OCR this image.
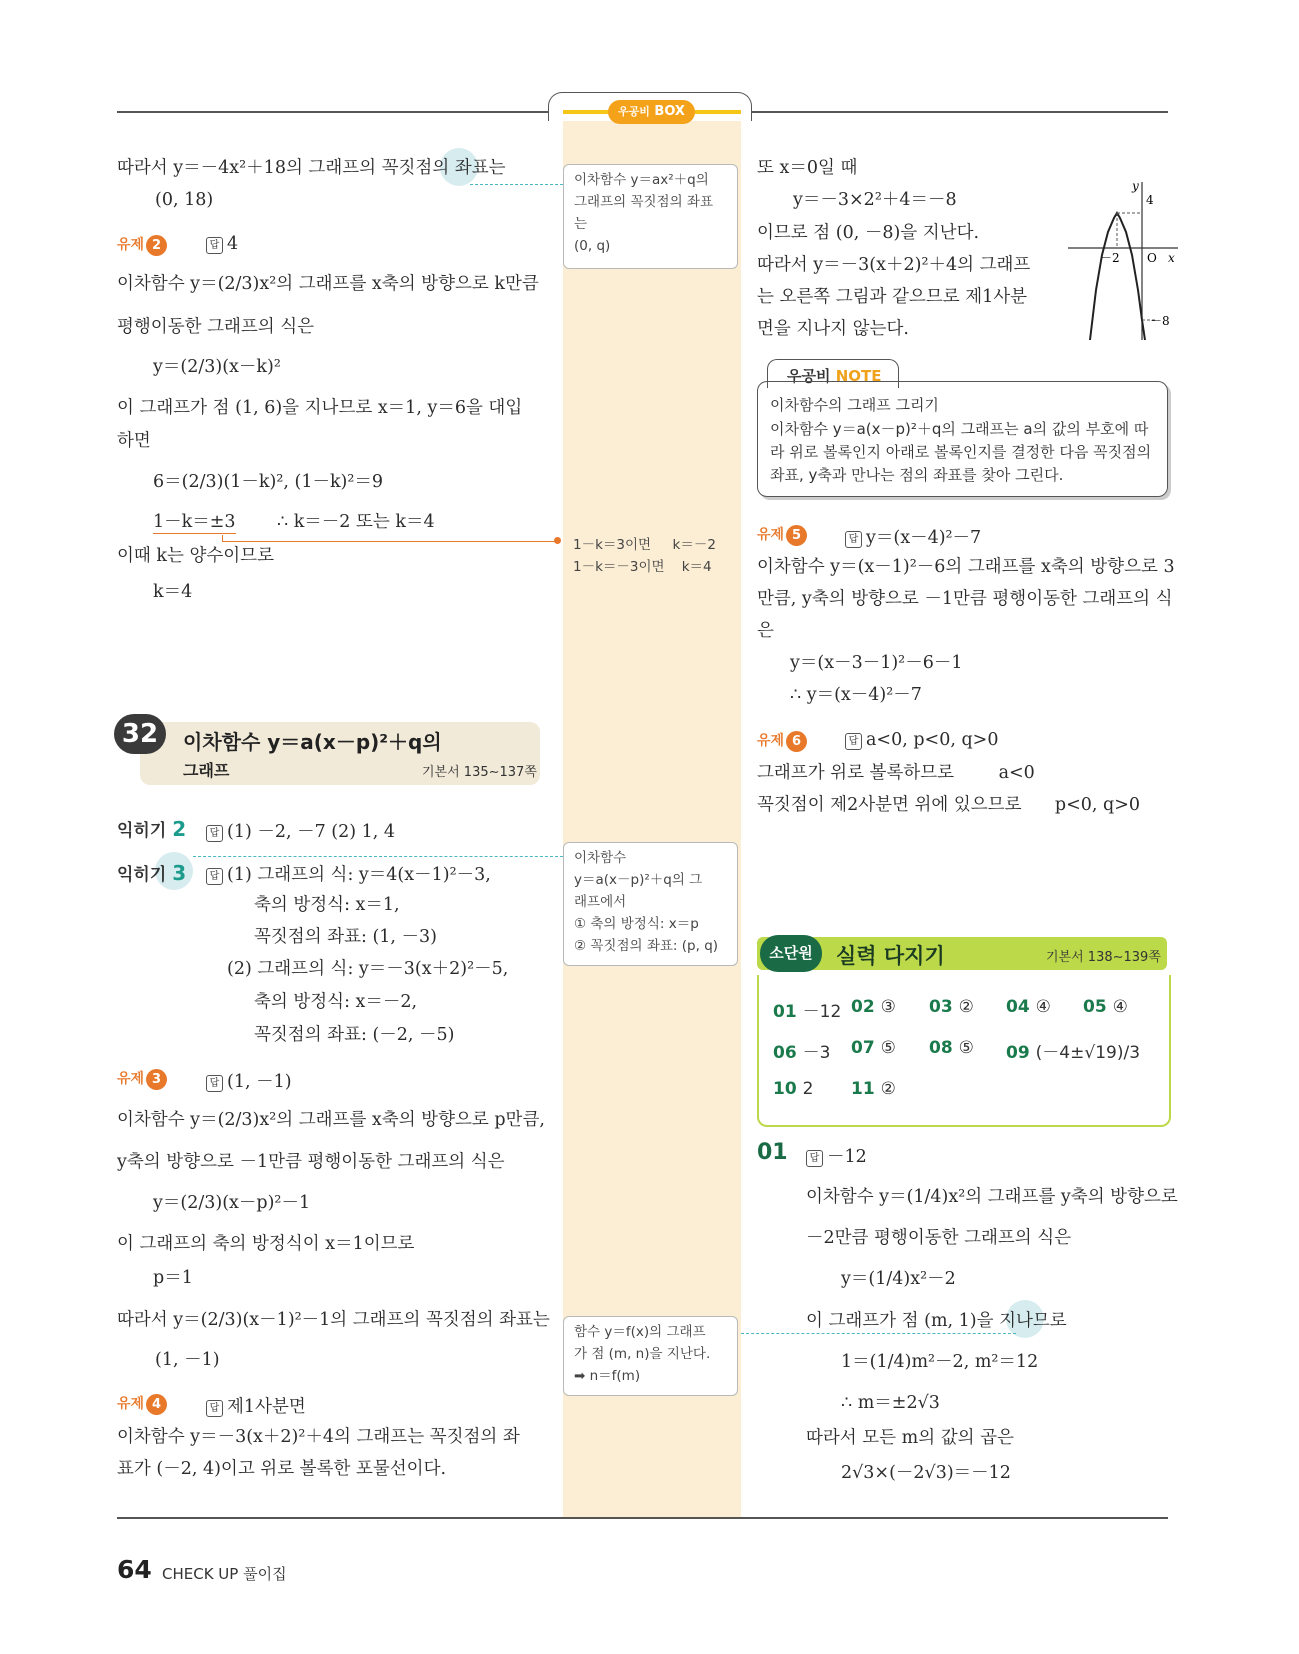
우공비 BOX
따라서 y＝－4x²＋18의 그래프의 꼭짓점의 좌표는
(0, 18)
유제 2	답 4
이차함수 y＝(2/3)x²의 그래프를 x축의 방향으로 k만큼
평행이동한 그래프의 식은
y＝(2/3)(x－k)²
이 그래프가 점 (1, 6)을 지나므로 x＝1, y＝6을 대입
하면
6＝(2/3)(1－k)², (1－k)²＝9
1－k＝±3 ∴ k＝－2 또는 k＝4
이때 k는 양수이므로
k＝4
32	이차함수 y＝a(x－p)²＋q의
그래프	기본서 135∼137쪽
익히기 2	답 (1) －2, －7 (2) 1, 4
익히기 3	답 (1) 그래프의 식: y＝4(x－1)²－3,
축의 방정식: x＝1,
꼭짓점의 좌표: (1, －3)
(2) 그래프의 식: y＝－3(x＋2)²－5,
축의 방정식: x＝－2,
꼭짓점의 좌표: (－2, －5)
유제 3	답 (1, －1)
이차함수 y＝(2/3)x²의 그래프를 x축의 방향으로 p만큼,
y축의 방향으로 －1만큼 평행이동한 그래프의 식은
y＝(2/3)(x－p)²－1
이 그래프의 축의 방정식이 x＝1이므로
p＝1
따라서 y＝(2/3)(x－1)²－1의 그래프의 꼭짓점의 좌표는
(1, －1)
유제 4	답 제1사분면
이차함수 y＝－3(x＋2)²＋4의 그래프는 꼭짓점의 좌
표가 (－2, 4)이고 위로 볼록한 포물선이다.
이차함수 y＝ax²＋q의
그래프의 꼭짓점의 좌표
는
(0, q)
1－k＝3이면     k＝－2
1－k＝－3이면    k＝4
이차함수
y＝a(x－p)²＋q의 그
래프에서
① 축의 방정식: x＝p
② 꼭짓점의 좌표: (p, q)
함수 y＝f(x)의 그래프
가 점 (m, n)을 지난다.
➡ n＝f(m)
또 x＝0일 때
y＝－3×2²＋4＝－8
이므로 점 (0, －8)을 지난다.
따라서 y＝－3(x＋2)²＋4의 그래프
는 오른쪽 그림과 같으므로 제1사분
면을 지나지 않는다.
y
4
－2 O x
－8
우공비 NOTE
이차함수의 그래프 그리기
이차함수 y＝a(x－p)²＋q의 그래프는 a의 값의 부호에 따
라 위로 볼록인지 아래로 볼록인지를 결정한 다음 꼭짓점의
좌표, y축과 만나는 점의 좌표를 찾아 그린다.
유제 5	답 y＝(x－4)²－7
이차함수 y＝(x－1)²－6의 그래프를 x축의 방향으로 3
만큼, y축의 방향으로 －1만큼 평행이동한 그래프의 식
은
y＝(x－3－1)²－6－1
∴ y＝(x－4)²－7
유제 6	답 a<0, p<0, q>0
그래프가 위로 볼록하므로        a<0
꼭짓점이 제2사분면 위에 있으므로      p<0, q>0
소단원	실력 다지기	기본서 138∼139쪽
01 －12 02 ③ 03 ② 04 ④ 05 ④
06 －3 07 ⑤ 08 ⑤ 09 (－4±√19)/3
10 2 11 ②
01	답 －12
이차함수 y＝(1/4)x²의 그래프를 y축의 방향으로
－2만큼 평행이동한 그래프의 식은
y＝(1/4)x²－2
이 그래프가 점 (m, 1)을 지나므로
1＝(1/4)m²－2, m²＝12
∴ m＝±2√3
따라서 모든 m의 값의 곱은
2√3×(－2√3)＝－12
64 CHECK UP 풀이집
